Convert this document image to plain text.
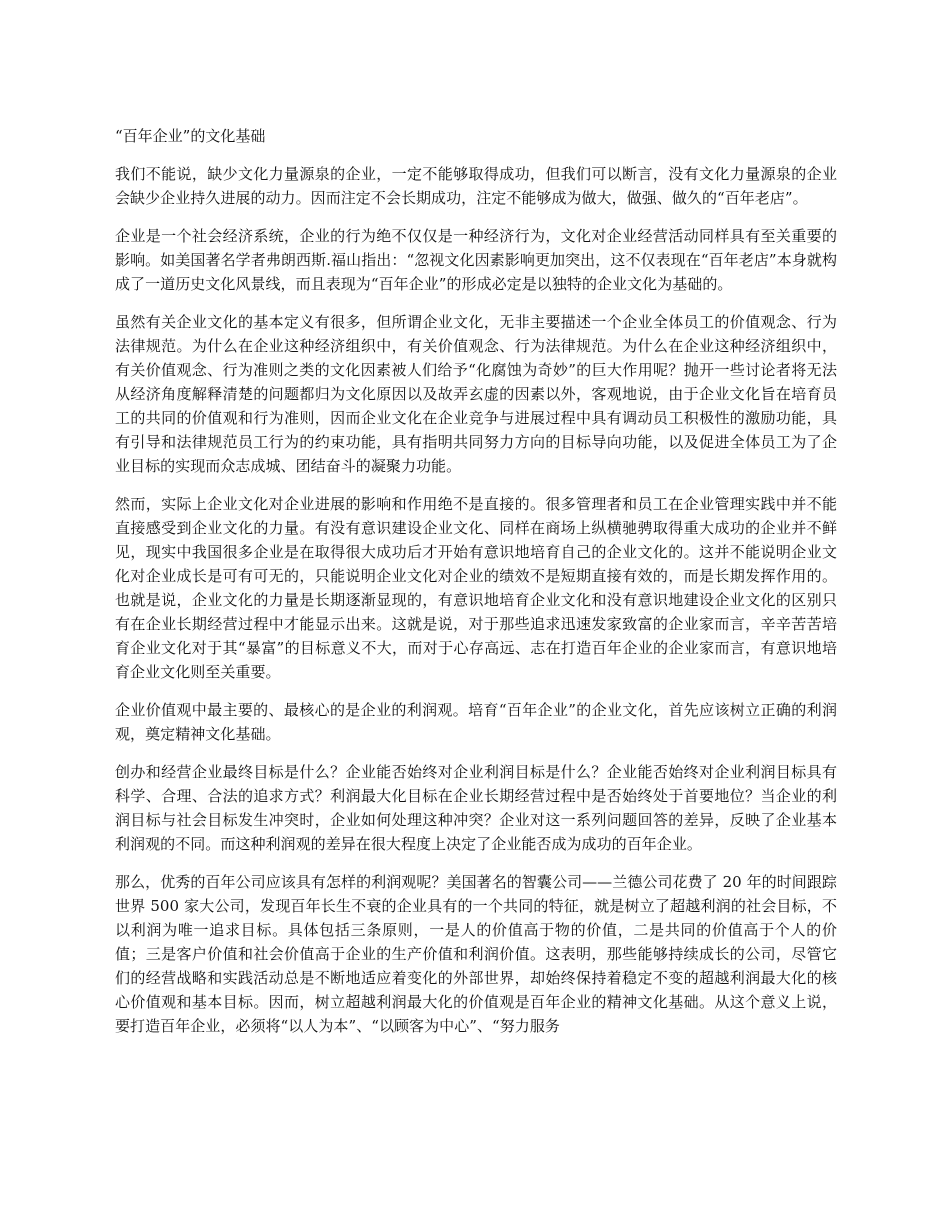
“百年企业”的文化基础

我们不能说，缺少文化力量源泉的企业，一定不能够取得成功，但我们可以断言，没有文化力量源泉的企业会缺少企业持久进展的动力。因而注定不会长期成功，注定不能够成为做大，做强、做久的“百年老店”。

企业是一个社会经济系统，企业的行为绝不仅仅是一种经济行为，文化对企业经营活动同样具有至关重要的影响。如美国著名学者弗朗西斯.福山指出：“忽视文化因素影响更加突出，这不仅表现在“百年老店”本身就构成了一道历史文化风景线，而且表现为“百年企业”的形成必定是以独特的企业文化为基础的。

虽然有关企业文化的基本定义有很多，但所谓企业文化，无非主要描述一个企业全体员工的价值观念、行为法律规范。为什么在企业这种经济组织中，有关价值观念、行为法律规范。为什么在企业这种经济组织中，有关价值观念、行为准则之类的文化因素被人们给予“化腐蚀为奇妙”的巨大作用呢？抛开一些讨论者将无法从经济角度解释清楚的问题都归为文化原因以及故弄玄虚的因素以外，客观地说，由于企业文化旨在培育员工的共同的价值观和行为准则，因而企业文化在企业竞争与进展过程中具有调动员工积极性的激励功能，具有引导和法律规范员工行为的约束功能，具有指明共同努力方向的目标导向功能，以及促进全体员工为了企业目标的实现而众志成城、团结奋斗的凝聚力功能。

然而，实际上企业文化对企业进展的影响和作用绝不是直接的。很多管理者和员工在企业管理实践中并不能直接感受到企业文化的力量。有没有意识建设企业文化、同样在商场上纵横驰骋取得重大成功的企业并不鲜见，现实中我国很多企业是在取得很大成功后才开始有意识地培育自己的企业文化的。这并不能说明企业文化对企业成长是可有可无的，只能说明企业文化对企业的绩效不是短期直接有效的，而是长期发挥作用的。也就是说，企业文化的力量是长期逐渐显现的，有意识地培育企业文化和没有意识地建设企业文化的区别只有在企业长期经营过程中才能显示出来。这就是说，对于那些追求迅速发家致富的企业家而言，辛辛苦苦培育企业文化对于其“暴富”的目标意义不大，而对于心存高远、志在打造百年企业的企业家而言，有意识地培育企业文化则至关重要。

企业价值观中最主要的、最核心的是企业的利润观。培育“百年企业”的企业文化，首先应该树立正确的利润观，奠定精神文化基础。

创办和经营企业最终目标是什么？企业能否始终对企业利润目标是什么？企业能否始终对企业利润目标具有科学、合理、合法的追求方式？利润最大化目标在企业长期经营过程中是否始终处于首要地位？当企业的利润目标与社会目标发生冲突时，企业如何处理这种冲突？企业对这一系列问题回答的差异，反映了企业基本利润观的不同。而这种利润观的差异在很大程度上决定了企业能否成为成功的百年企业。

那么，优秀的百年公司应该具有怎样的利润观呢？美国著名的智囊公司——兰德公司花费了 20 年的时间跟踪世界 500 家大公司，发现百年长生不衰的企业具有的一个共同的特征，就是树立了超越利润的社会目标，不以利润为唯一追求目标。具体包括三条原则，一是人的价值高于物的价值，二是共同的价值高于个人的价值；三是客户价值和社会价值高于企业的生产价值和利润价值。这表明，那些能够持续成长的公司，尽管它们的经营战略和实践活动总是不断地适应着变化的外部世界，却始终保持着稳定不变的超越利润最大化的核心价值观和基本目标。因而，树立超越利润最大化的价值观是百年企业的精神文化基础。从这个意义上说，要打造百年企业，必须将“以人为本”、“以顾客为中心”、“努力服务
